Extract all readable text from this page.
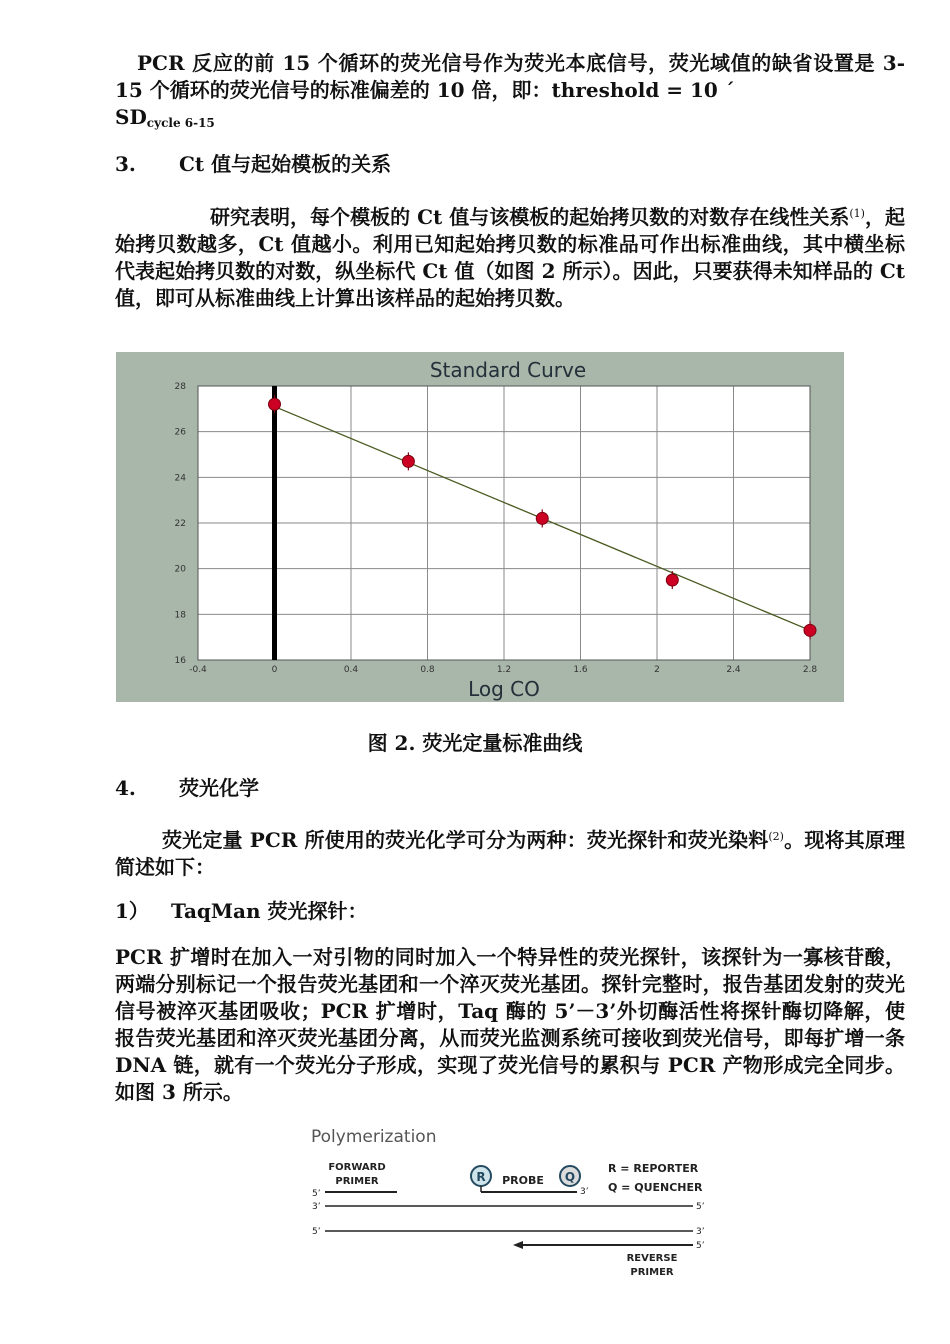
PCR 反应的前 15 个循环的荧光信号作为荧光本底信号，荧光域值的缺省设置是 3-15 个循环的荧光信号的标准偏差的 10 倍，即：threshold = 10 ´
$SD_{cycle 6-15}$

3. Ct 值与起始模板的关系

研究表明，每个模板的 Ct 值与该模板的起始拷贝数的对数存在线性关系$^{(1)}$，起始拷贝数越多，Ct 值越小。利用已知起始拷贝数的标准品可作出标准曲线，其中横坐标代表起始拷贝数的对数，纵坐标代 Ct 值（如图 2 所示）。因此，只要获得未知样品的 Ct 值，即可从标准曲线上计算出该样品的起始拷贝数。

Standard Curve
-0.4	0	0.4	0.8	1.2	1.6	2	2.4	2.8
16
18
20
22
24
26
28
Log CO

图 2. 荧光定量标准曲线

4. 荧光化学

荧光定量 PCR 所使用的荧光化学可分为两种：荧光探针和荧光染料$^{(2)}$。现将其原理简述如下：

1） TaqMan 荧光探针：

PCR 扩增时在加入一对引物的同时加入一个特异性的荧光探针，该探针为一寡核苷酸，两端分别标记一个报告荧光基团和一个淬灭荧光基团。探针完整时，报告基团发射的荧光信号被淬灭基团吸收；PCR 扩增时，Taq 酶的 5’－3’外切酶活性将探针酶切降解，使报告荧光基团和淬灭荧光基团分离，从而荧光监测系统可接收到荧光信号，即每扩增一条 DNA 链，就有一个荧光分子形成，实现了荧光信号的累积与 PCR 产物形成完全同步。如图 3 所示。

Polymerization
FORWARD
PRIMER
5’
R PROBE Q
3’
R = REPORTER
Q = QUENCHER
3’	5’
5’	3’
5’
REVERSE
PRIMER
